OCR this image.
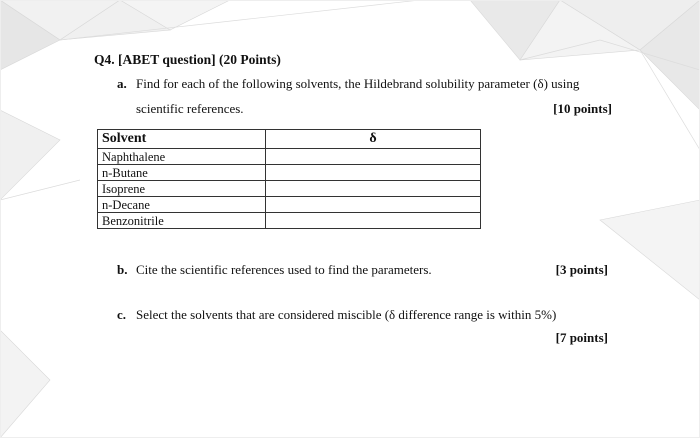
Q4. [ABET question] (20 Points)
a. Find for each of the following solvents, the Hildebrand solubility parameter (δ) using
scientific references.	[10 points]
Solvent	δ
Naphthalene	
n-Butane	
Isoprene	
n-Decane	
Benzonitrile	
b. Cite the scientific references used to find the parameters.	[3 points]
c. Select the solvents that are considered miscible (δ difference range is within 5%)
[7 points]
